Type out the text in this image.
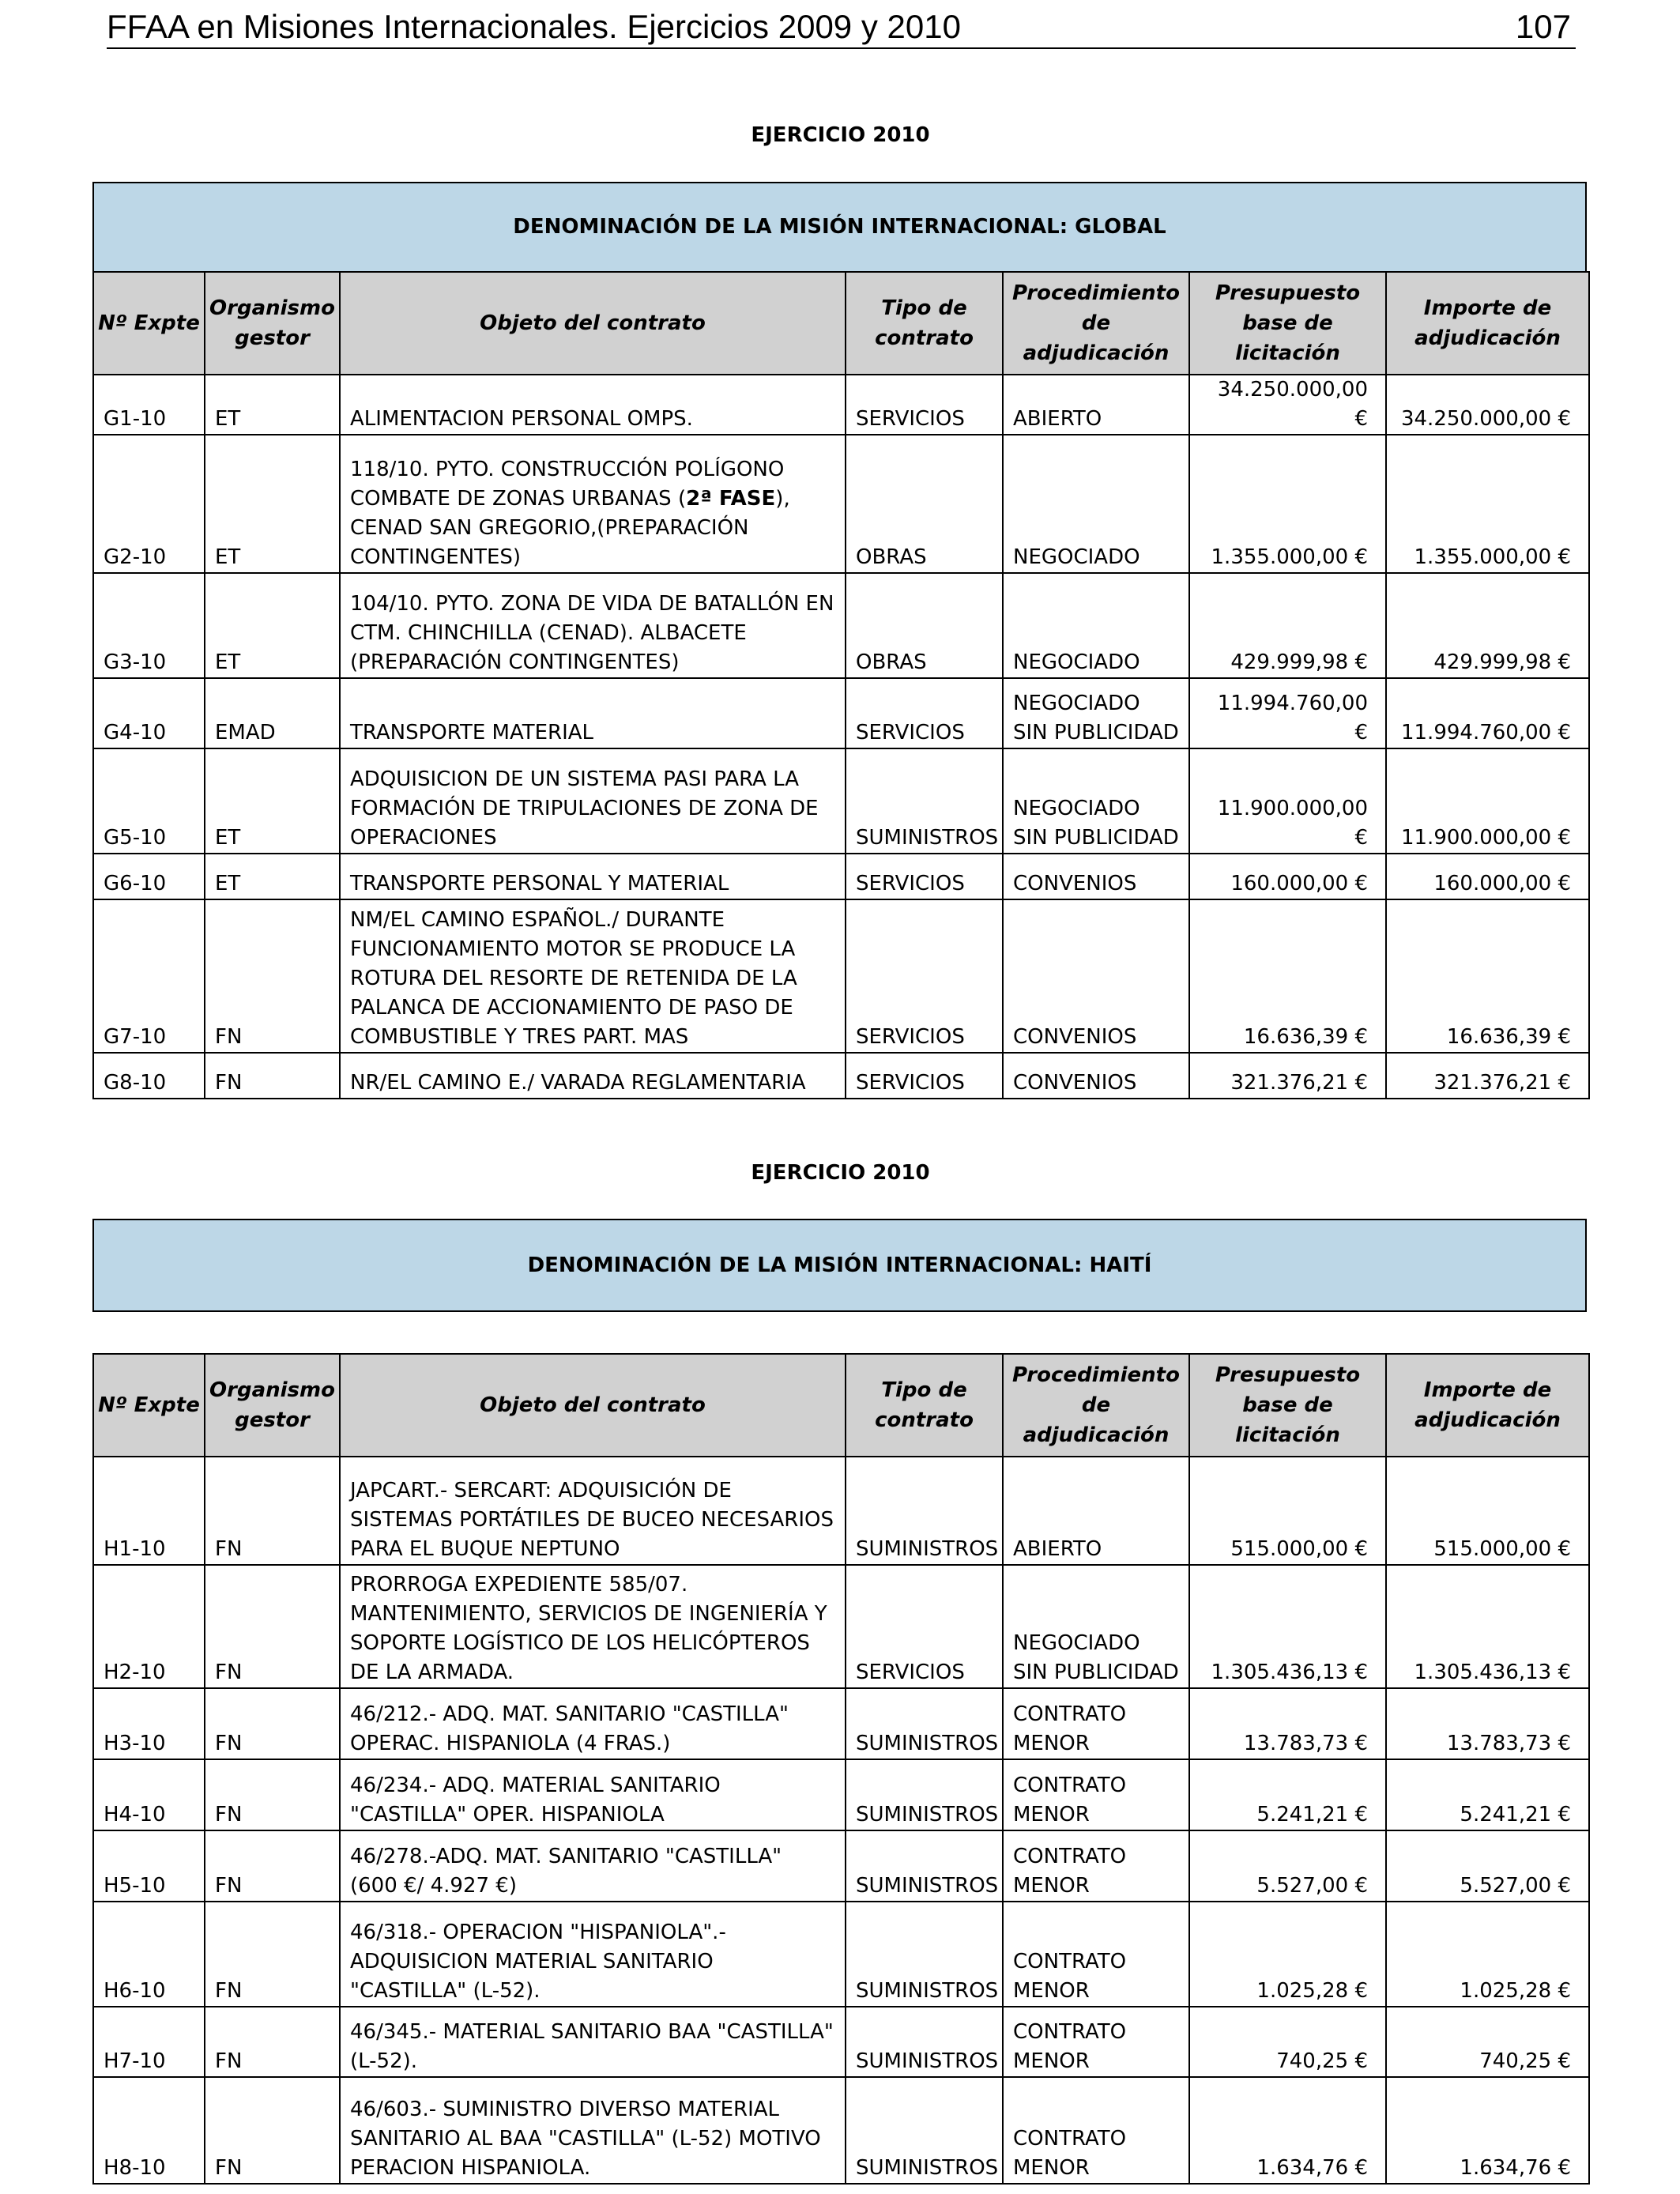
FFAA en Misiones Internacionales. Ejercicios 2009 y 2010	107
EJERCICIO 2010
DENOMINACIÓN DE LA MISIÓN INTERNACIONAL: GLOBAL
Nº Expte	Organismo gestor	Objeto del contrato	Tipo de contrato	Procedimiento de adjudicación	Presupuesto base de licitación	Importe de adjudicación
G1-10	ET	ALIMENTACION PERSONAL OMPS.	SERVICIOS	ABIERTO	34.250.000,00 €	34.250.000,00 €
G2-10	ET	118/10. PYTO. CONSTRUCCIÓN POLÍGONO COMBATE DE ZONAS URBANAS (2ª FASE), CENAD SAN GREGORIO,(PREPARACIÓN CONTINGENTES)	OBRAS	NEGOCIADO	1.355.000,00 €	1.355.000,00 €
G3-10	ET	104/10. PYTO. ZONA DE VIDA DE BATALLÓN EN CTM. CHINCHILLA (CENAD). ALBACETE (PREPARACIÓN CONTINGENTES)	OBRAS	NEGOCIADO	429.999,98 €	429.999,98 €
G4-10	EMAD	TRANSPORTE MATERIAL	SERVICIOS	NEGOCIADO SIN PUBLICIDAD	11.994.760,00 €	11.994.760,00 €
G5-10	ET	ADQUISICION DE UN SISTEMA PASI PARA LA FORMACIÓN DE TRIPULACIONES DE ZONA DE OPERACIONES	SUMINISTROS	NEGOCIADO SIN PUBLICIDAD	11.900.000,00 €	11.900.000,00 €
G6-10	ET	TRANSPORTE PERSONAL Y MATERIAL	SERVICIOS	CONVENIOS	160.000,00 €	160.000,00 €
G7-10	FN	NM/EL CAMINO ESPAÑOL./ DURANTE FUNCIONAMIENTO MOTOR SE PRODUCE LA ROTURA DEL RESORTE DE RETENIDA DE LA PALANCA DE ACCIONAMIENTO DE PASO DE COMBUSTIBLE Y TRES PART. MAS	SERVICIOS	CONVENIOS	16.636,39 €	16.636,39 €
G8-10	FN	NR/EL CAMINO E./ VARADA REGLAMENTARIA	SERVICIOS	CONVENIOS	321.376,21 €	321.376,21 €
EJERCICIO 2010
DENOMINACIÓN DE LA MISIÓN INTERNACIONAL: HAITÍ
Nº Expte	Organismo gestor	Objeto del contrato	Tipo de contrato	Procedimiento de adjudicación	Presupuesto base de licitación	Importe de adjudicación
H1-10	FN	JAPCART.- SERCART: ADQUISICIÓN DE SISTEMAS PORTÁTILES DE BUCEO NECESARIOS PARA EL BUQUE NEPTUNO	SUMINISTROS	ABIERTO	515.000,00 €	515.000,00 €
H2-10	FN	PRORROGA EXPEDIENTE 585/07. MANTENIMIENTO, SERVICIOS DE INGENIERÍA Y SOPORTE LOGÍSTICO DE LOS HELICÓPTEROS DE LA ARMADA.	SERVICIOS	NEGOCIADO SIN PUBLICIDAD	1.305.436,13 €	1.305.436,13 €
H3-10	FN	46/212.- ADQ. MAT. SANITARIO "CASTILLA" OPERAC. HISPANIOLA (4 FRAS.)	SUMINISTROS	CONTRATO MENOR	13.783,73 €	13.783,73 €
H4-10	FN	46/234.- ADQ. MATERIAL SANITARIO "CASTILLA" OPER. HISPANIOLA	SUMINISTROS	CONTRATO MENOR	5.241,21 €	5.241,21 €
H5-10	FN	46/278.-ADQ. MAT. SANITARIO "CASTILLA" (600 €/ 4.927 €)	SUMINISTROS	CONTRATO MENOR	5.527,00 €	5.527,00 €
H6-10	FN	46/318.- OPERACION "HISPANIOLA".- ADQUISICION MATERIAL SANITARIO "CASTILLA" (L-52).	SUMINISTROS	CONTRATO MENOR	1.025,28 €	1.025,28 €
H7-10	FN	46/345.- MATERIAL SANITARIO BAA "CASTILLA" (L-52).	SUMINISTROS	CONTRATO MENOR	740,25 €	740,25 €
H8-10	FN	46/603.- SUMINISTRO DIVERSO MATERIAL SANITARIO AL BAA "CASTILLA" (L-52) MOTIVO PERACION HISPANIOLA.	SUMINISTROS	CONTRATO MENOR	1.634,76 €	1.634,76 €
